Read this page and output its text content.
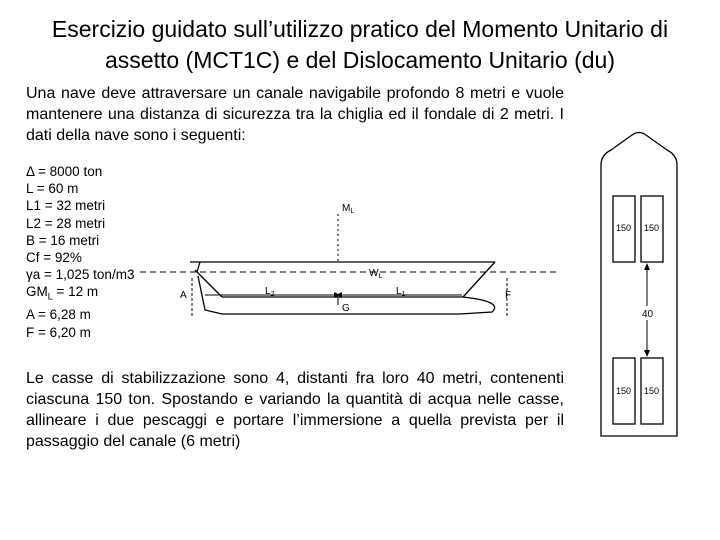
Esercizio guidato sull’utilizzo pratico del Momento Unitario di
assetto (MCT1C) e del Dislocamento Unitario (du)

Una nave deve attraversare un canale navigabile profondo 8 metri e vuole mantenere una distanza di sicurezza tra la chiglia ed il fondale di 2 metri. I dati della nave sono i seguenti:

Δ = 8000 ton
L = 60 m
L1 = 32 metri
L2 = 28 metri
B = 16 metri
Cf = 92%
γa = 1,025 ton/m3
$GM_L = 12$ m
A = 6,28 m
F = 6,20 m

Le casse di stabilizzazione sono 4, distanti fra loro 40 metri, contenenti ciascuna 150 ton. Spostando e variando la quantità di acqua nelle casse, allineare i due pescaggi e portare l’immersione a quella prevista per il passaggio del canale (6 metri)

$M_L$
$W_L$
A	F
$L_2$	$L_1$
G
150 150
150 150
40
